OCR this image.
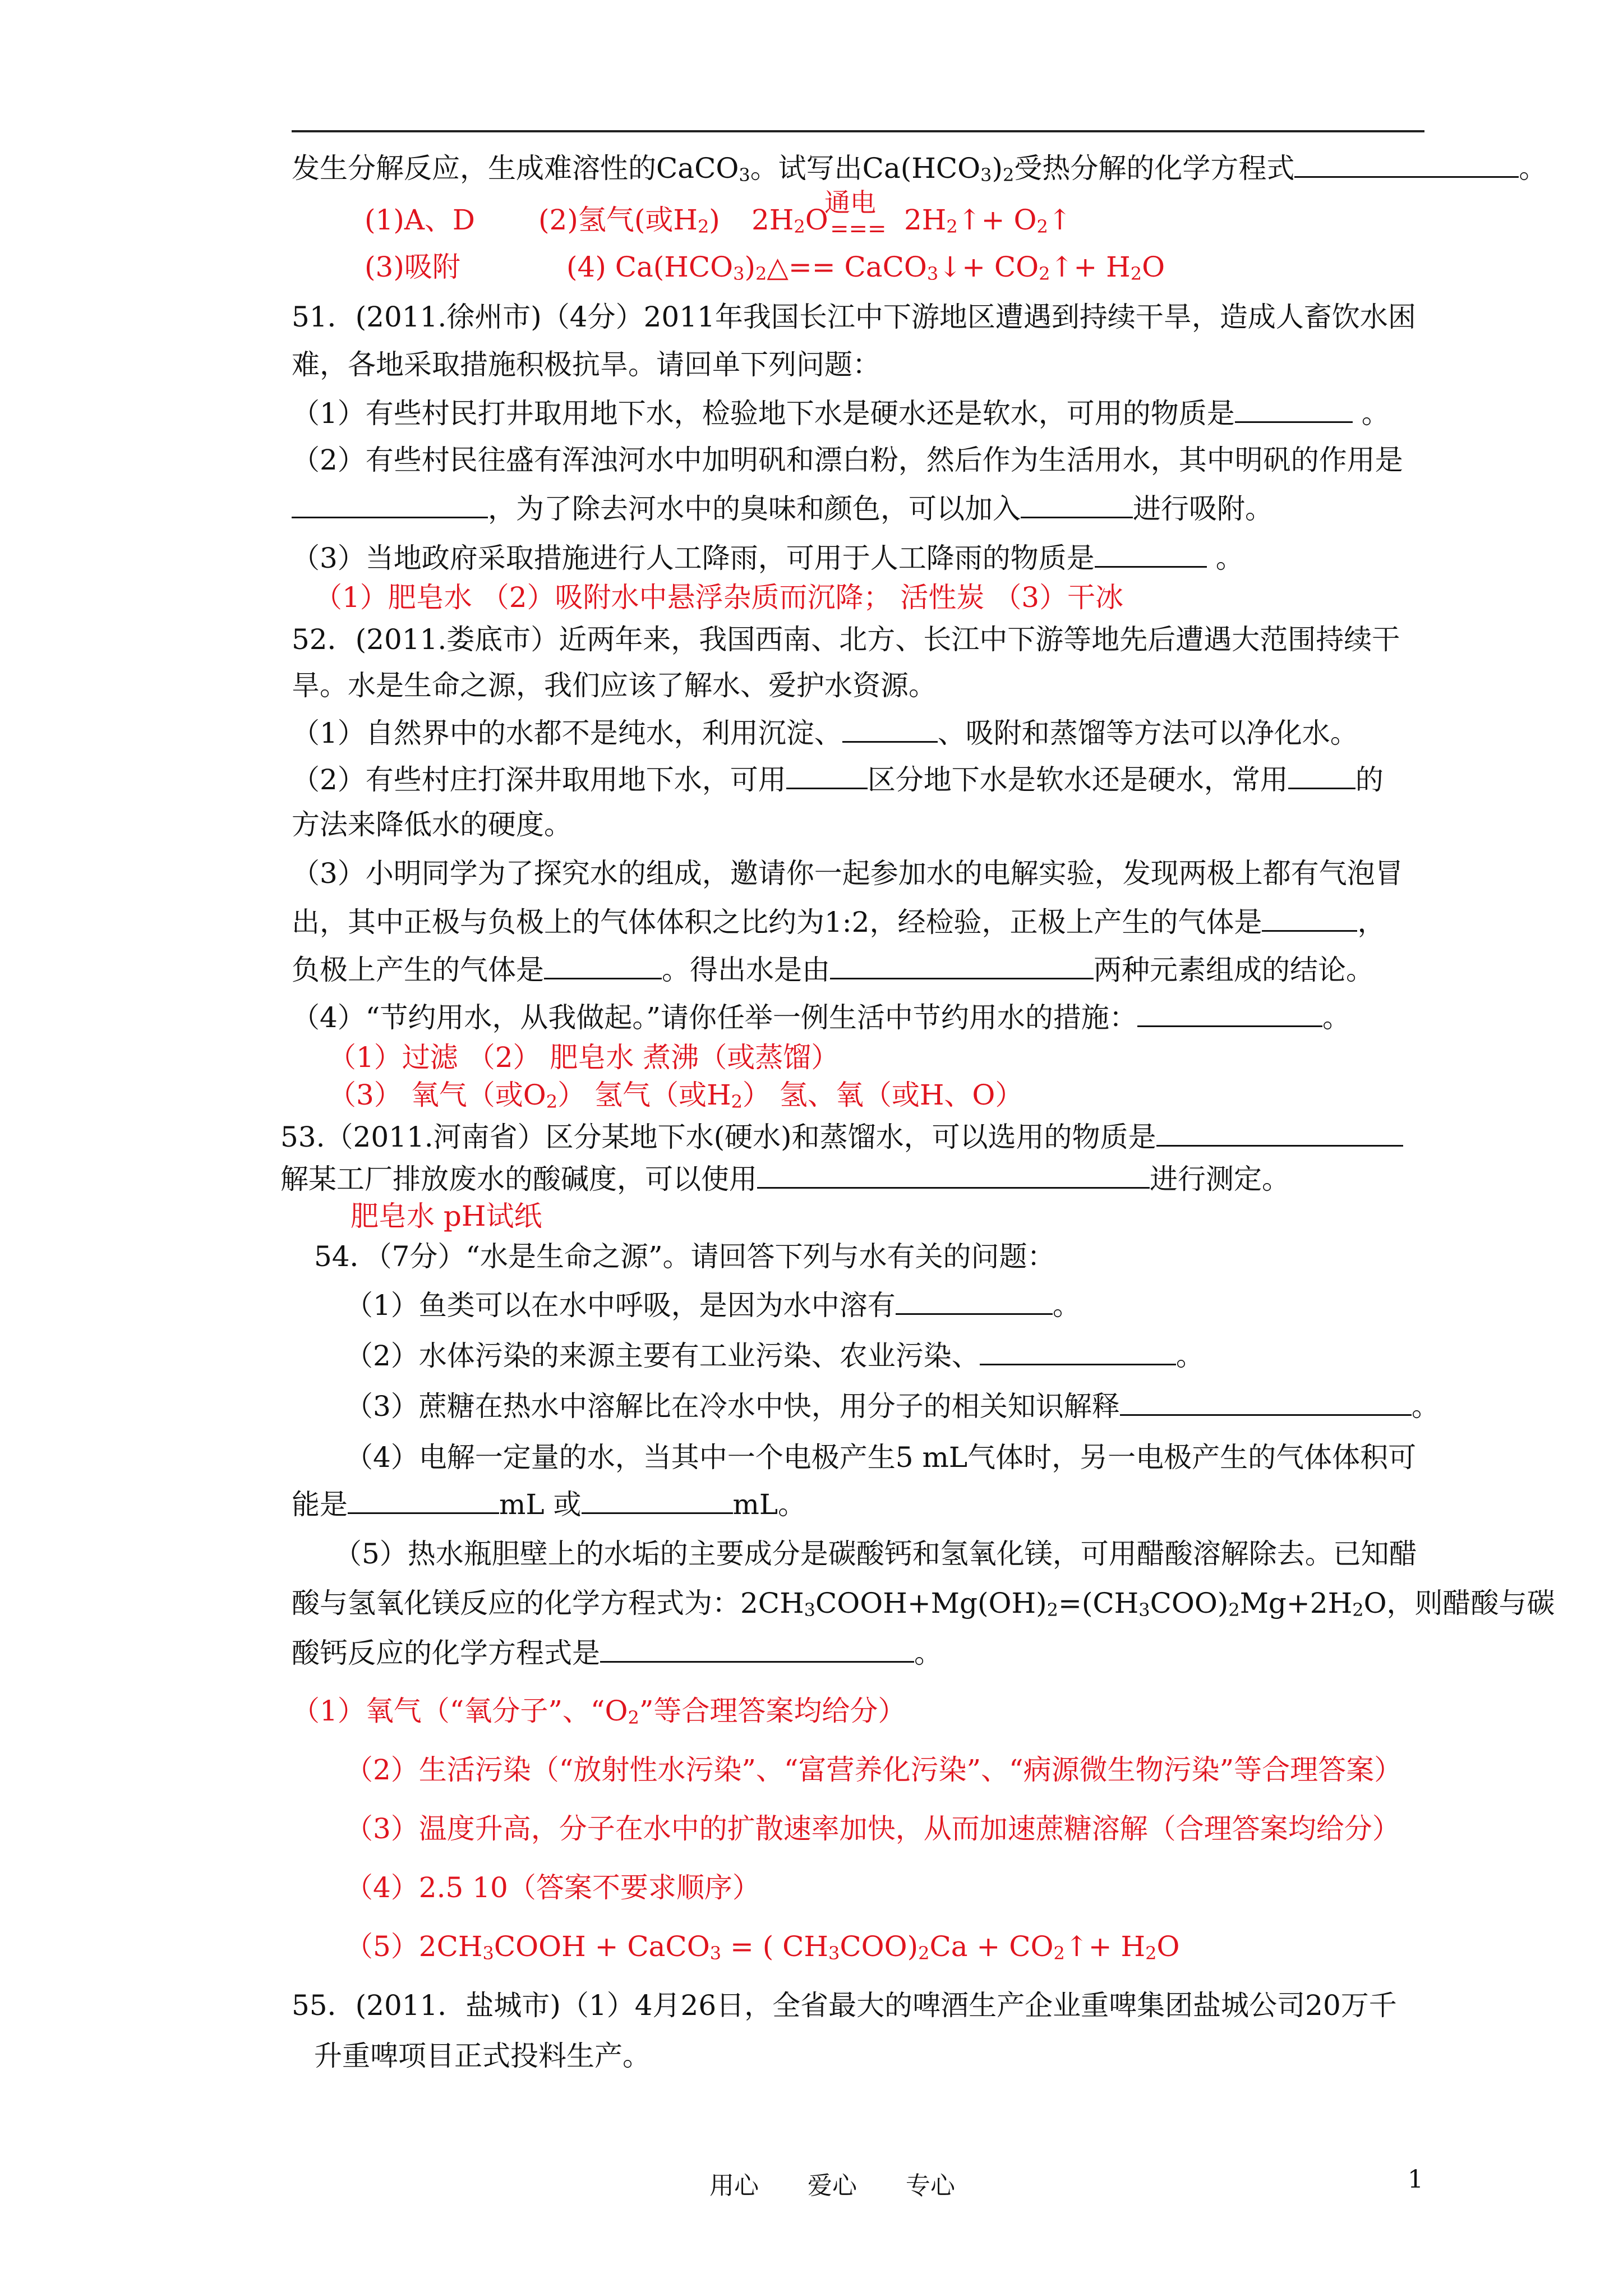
发生分解反应，生成难溶性的CaCO$_3$。试写出$Ca(HCO_3)_2$受热分解的化学方程式	。
(1)A、D (2)氢气(或$H_2$) $2H_2O$
通电
=== $2H_2↑+$ $O_2↑$
(3)吸附	(4) $Ca(HCO_3)_2\triangle==$ CaCO$_3$↓+ $CO_2↑+ H_2O$
51．(2011.徐州市)（4分）2011年我国长江中下游地区遭遇到持续干旱，造成人畜饮水困
难，各地采取措施积极抗旱。请回单下列问题：
（1）有些村民打井取用地下水，检验地下水是硬水还是软水，可用的物质是	。
（2）有些村民往盛有浑浊河水中加明矾和漂白粉，然后作为生活用水，其中明矾的作用是
，为了除去河水中的臭味和颜色，可以加入	进行吸附。
（3）当地政府采取措施进行人工降雨，可用于人工降雨的物质是	。
（1）肥皂水 （2）吸附水中悬浮杂质而沉降； 活性炭 （3）干冰
52．(2011.娄底市）近两年来，我国西南、北方、长江中下游等地先后遭遇大范围持续干
旱。水是生命之源，我们应该了解水、爱护水资源。
（1）自然界中的水都不是纯水，利用沉淀、	、吸附和蒸馏等方法可以净化水。
（2）有些村庄打深井取用地下水，可用	区分地下水是软水还是硬水，常用 的
方法来降低水的硬度。
（3）小明同学为了探究水的组成，邀请你一起参加水的电解实验，发现两极上都有气泡冒
出，其中正极与负极上的气体体积之比约为1:2，经检验，正极上产生的气体是	，
负极上产生的气体是	。得出水是由	两种元素组成的结论。
（4）“节约用水，从我做起。”请你任举一例生活中节约用水的措施：	。
（1）过滤 （2） 肥皂水 煮沸（或蒸馏）
（3） 氧气（或$O_2$） 氢气（或$H_2$） 氢、氧（或H、O）
53.（2011.河南省）区分某地下水(硬水)和蒸馏水，可以选用的物质是
解某工厂排放废水的酸碱度，可以使用	进行测定。
肥皂水 pH试纸
54．（7分）“水是生命之源”。请回答下列与水有关的问题：
（1）鱼类可以在水中呼吸，是因为水中溶有	。
（2）水体污染的来源主要有工业污染、农业污染、	。
（3）蔗糖在热水中溶解比在冷水中快，用分子的相关知识解释	。
（4）电解一定量的水，当其中一个电极产生5 mL气体时，另一电极产生的气体体积可
能是	mL 或	mL。
（5）热水瓶胆壁上的水垢的主要成分是碳酸钙和氢氧化镁，可用醋酸溶解除去。已知醋
酸与氢氧化镁反应的化学方程式为：$2CH_3COOH+Mg(OH)_2=(CH_3COO)_2Mg+2H_2O$，则醋酸与碳
酸钙反应的化学方程式是	。
（1）氧气（“氧分子”、“$O_2$”等合理答案均给分）
（2）生活污染（“放射性水污染”、“富营养化污染”、“病源微生物污染”等合理答案）
（3）温度升高，分子在水中的扩散速率加快，从而加速蔗糖溶解（合理答案均给分）
（4）2.5 10（答案不要求顺序）
$(5)2CH_3COOH$ + CaCO$_3$ = ( $CH_3COO)_2Ca$ + $CO_2↑+ H_2O$
55．(2011．盐城市)（1）4月26日，全省最大的啤酒生产企业重啤集团盐城公司20万千
升重啤项目正式投料生产。
用心 爱心 专心	1
